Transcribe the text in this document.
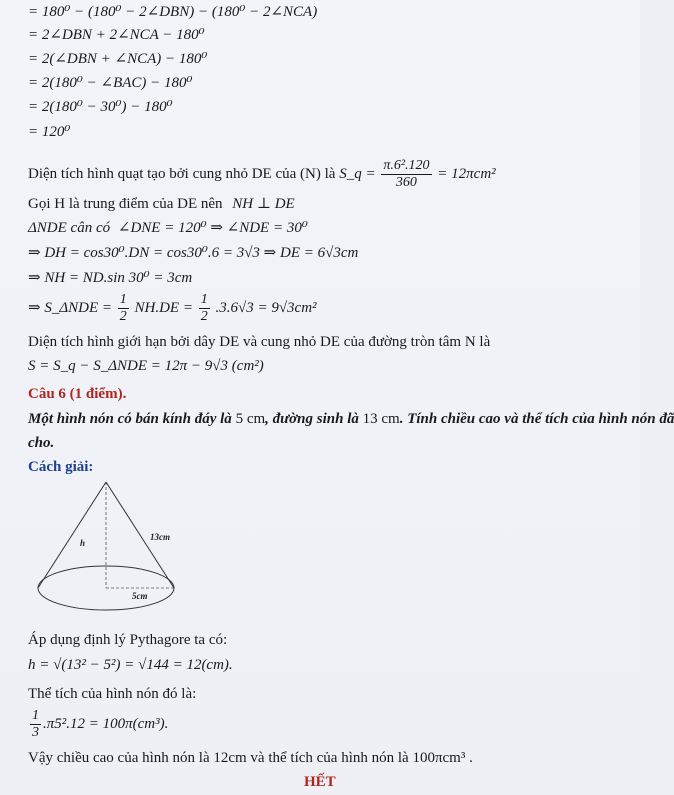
= 180⁰ − (180⁰ − 2∠DBN) − (180⁰ − 2∠NCA)
= 2∠DBN + 2∠NCA − 180⁰
= 2(∠DBN + ∠NCA) − 180⁰
= 2(180⁰ − ∠BAC) − 180⁰
= 2(180⁰ − 30⁰) − 180⁰
= 120⁰
Diện tích hình quạt tạo bởi cung nhỏ DE của (N) là S_q = $\frac{\text{π.6².120}}{360} = 12\pi cm^2$
Gọi H là trung điểm của DE nên NH ⊥ DE
ΔNDE cân có ∠DNE = 120⁰ ⇒ ∠NDE = 30⁰
⇒ DH = cos30⁰.DN = cos30⁰.6 = 3√3 ⇒ DE = 6√3cm
⇒ NH = ND.sin 30⁰ = 3cm
⇒ S_ΔNDE = $\frac{1}{2} NH.DE = \frac{1}{2} .3.6√3 = 9√3cm^2$
Diện tích hình giới hạn bởi dây DE và cung nhỏ DE của đường tròn tâm N là
S = S_q − S_ΔNDE = 12π − 9√3 (cm²)
Câu 6 (1 điểm).
Một hình nón có bán kính đáy là 5 cm, đường sinh là 13 cm. Tính chiều cao và thể tích của hình nón đã
cho.
Cách giải:
h
13cm
5cm
Áp dụng định lý Pythagore ta có:
h = √(13² − 5²) = √144 = 12(cm).
Thể tích của hình nón đó là:
$\frac{1}{3} .\pi 5^2.12 = 100\pi(cm^3)$.
Vậy chiều cao của hình nón là 12cm và thể tích của hình nón là 100πcm³ .
HẾT
